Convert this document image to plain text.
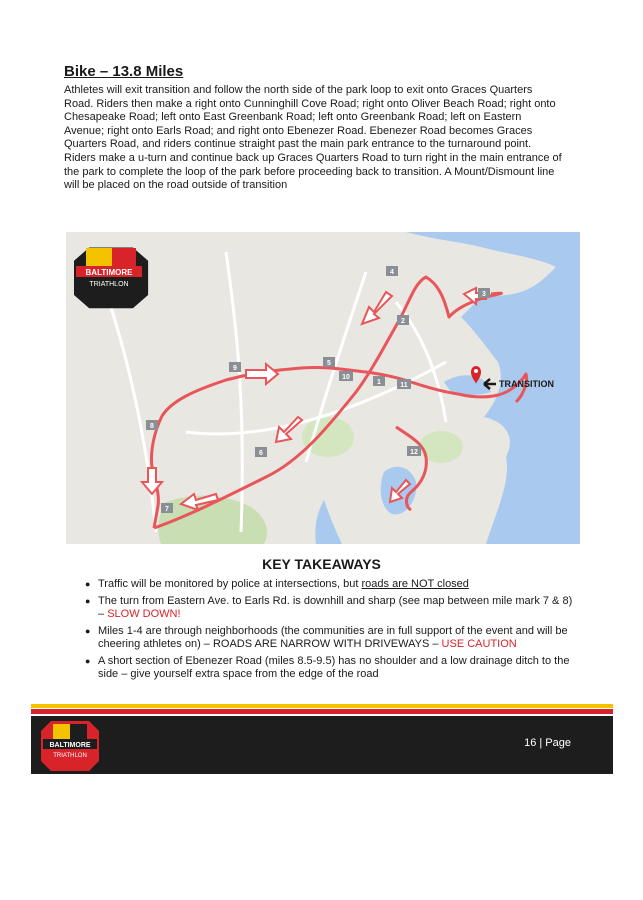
Bike – 13.8 Miles

Athletes will exit transition and follow the north side of the park loop to exit onto Graces Quarters Road. Riders then make a right onto Cunninghill Cove Road; right onto Oliver Beach Road; right onto Chesapeake Road; left onto East Greenbank Road; left onto Greenbank Road; left on Eastern Avenue; right onto Earls Road; and right onto Ebenezer Road. Ebenezer Road becomes Graces Quarters Road, and riders continue straight past the main park entrance to the turnaround point. Riders make a u-turn and continue back up Graces Quarters Road to turn right in the main entrance of the park to complete the loop of the park before proceeding back to transition. A Mount/Dismount line will be placed on the road outside of transition

1
2
3
4
5
6
7
8
9
10
11
12
TRANSITION
BALTIMORE
TRIATHLON
KEY TAKEAWAYS
● Traffic will be monitored by police at intersections, but roads are NOT closed
● The turn from Eastern Ave. to Earls Rd. is downhill and sharp (see map between mile mark 7 & 8) – SLOW DOWN!
● Miles 1-4 are through neighborhoods (the communities are in full support of the event and will be cheering athletes on) – ROADS ARE NARROW WITH DRIVEWAYS – USE CAUTION
● A short section of Ebenezer Road (miles 8.5-9.5) has no shoulder and a low drainage ditch to the side – give yourself extra space from the edge of the road
BALTIMORE
TRIATHLON
16 | Page
